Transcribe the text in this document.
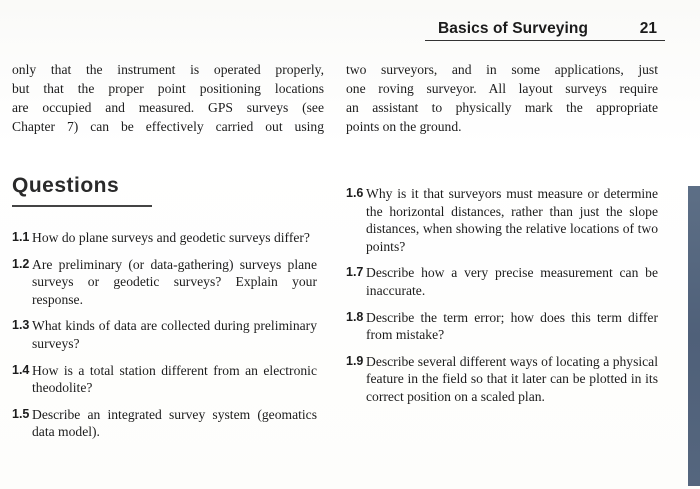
Basics of Surveying	21
only that the instrument is operated properly,
but that the proper point positioning locations
are occupied and measured. GPS surveys (see
Chapter 7) can be effectively carried out using
two surveyors, and in some applications, just
one roving surveyor. All layout surveys require
an assistant to physically mark the appropriate
points on the ground.
Questions
1.1 How do plane surveys and geodetic surveys differ?
1.2 Are preliminary (or data-gathering) surveys plane surveys or geodetic surveys? Explain your response.
1.3 What kinds of data are collected during preliminary surveys?
1.4 How is a total station different from an electronic theodolite?
1.5 Describe an integrated survey system (geomatics data model).
1.6 Why is it that surveyors must measure or determine the horizontal distances, rather than just the slope distances, when showing the relative locations of two points?
1.7 Describe how a very precise measurement can be inaccurate.
1.8 Describe the term error; how does this term differ from mistake?
1.9 Describe several different ways of locating a physical feature in the field so that it later can be plotted in its correct position on a scaled plan.
